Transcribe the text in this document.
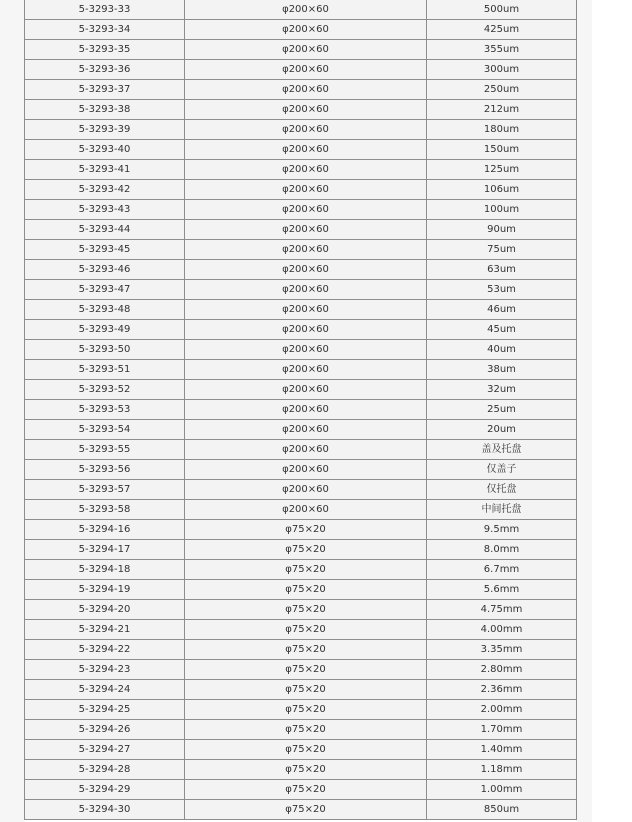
5-3293-33	φ200×60	500um
5-3293-34	φ200×60	425um
5-3293-35	φ200×60	355um
5-3293-36	φ200×60	300um
5-3293-37	φ200×60	250um
5-3293-38	φ200×60	212um
5-3293-39	φ200×60	180um
5-3293-40	φ200×60	150um
5-3293-41	φ200×60	125um
5-3293-42	φ200×60	106um
5-3293-43	φ200×60	100um
5-3293-44	φ200×60	90um
5-3293-45	φ200×60	75um
5-3293-46	φ200×60	63um
5-3293-47	φ200×60	53um
5-3293-48	φ200×60	46um
5-3293-49	φ200×60	45um
5-3293-50	φ200×60	40um
5-3293-51	φ200×60	38um
5-3293-52	φ200×60	32um
5-3293-53	φ200×60	25um
5-3293-54	φ200×60	20um
5-3293-55	φ200×60	盖及托盘
5-3293-56	φ200×60	仅盖子
5-3293-57	φ200×60	仅托盘
5-3293-58	φ200×60	中间托盘
5-3294-16	φ75×20	9.5mm
5-3294-17	φ75×20	8.0mm
5-3294-18	φ75×20	6.7mm
5-3294-19	φ75×20	5.6mm
5-3294-20	φ75×20	4.75mm
5-3294-21	φ75×20	4.00mm
5-3294-22	φ75×20	3.35mm
5-3294-23	φ75×20	2.80mm
5-3294-24	φ75×20	2.36mm
5-3294-25	φ75×20	2.00mm
5-3294-26	φ75×20	1.70mm
5-3294-27	φ75×20	1.40mm
5-3294-28	φ75×20	1.18mm
5-3294-29	φ75×20	1.00mm
5-3294-30	φ75×20	850um
